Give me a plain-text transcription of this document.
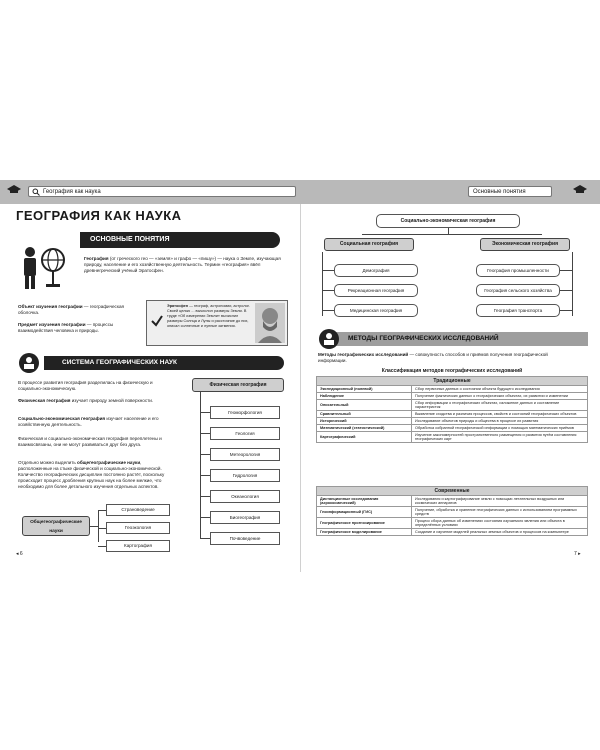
География как наука	Основные понятия
ГЕОГРАФИЯ КАК НАУКА
ОСНОВНЫЕ ПОНЯТИЯ
География (от греческого гео — «земля» и графо — «пишу») — наука о Земле, изучающая природу, население и его хозяйственную деятельность. Термин «география» ввёл древнегреческий учёный Эратосфен.
Объект изучения географии — географическая оболочка.
Предмет изучения географии — процессы взаимодействия человека и природы.
Эратосфен — географ, астрономии, астролог. Своей целью ... вычислил размеры Земли. В труде «Об измерении Земли» вычислил размеры Солнца и Луны и расстояние до них, описал солнечные и лунные затмения.
СИСТЕМА ГЕОГРАФИЧЕСКИХ НАУК
В процессе развития география разделилась на физическую и социально-экономическую.
Физическая география изучает природу земной поверхности.
Социально-экономическая география изучает население и его хозяйственную деятельность.
Физическая и социально-экономическая география переплетены и взаимосвязаны, они не могут развиваться друг без друга.
Отдельно можно выделить общегеографические науки, расположенные на стыке физической и социально-экономической. Количество географических дисциплин постоянно растёт, поскольку происходит процесс дробления крупных наук на более мелкие, что необходимо для более детального изучения отдельных аспектов.
Физическая география
Геоморфология
Геология
Метеорология
Гидрология
Океанология
Биогеография
Почвоведение
Общегеографические науки
Страноведение
Геоэкология
Картография
◂ 6
Социально-экономическая география
Социальная география	Экономическая география
Демография
Рекреационная география
Медицинская география
География промышленности
География сельского хозяйства
География транспорта
МЕТОДЫ ГЕОГРАФИЧЕСКИХ ИССЛЕДОВАНИЙ
Методы географических исследований — совокупность способов и приёмов получения географической информации.
Классификация методов географических исследований
Традиционные	
Экспедиционный (полевой)	Сбор первичных данных о состоянии объекта будущего исследования
Наблюдение	Получение фактических данных о географических объектах, их развитии и изменении
Описательный	Сбор информации о географических объектах, изложение данных и составление характеристик
Сравнительный	Выявление сходства и различия процессов, свойств и состояний географических объектов
Исторический	Исследование объектов природы и общества в процессе их развития
Математический (статистический)	Обработка собранной географической информации с помощью математических приёмов
Картографический	Изучение закономерностей пространственного размещения и развития путём составления географических карт
Современные	
Дистанционные исследования (аэрокосмический)	Исследования и картографирование земли с помощью летательных воздушных или космических аппаратов
Геоинформационный (ГИС)	Получение, обработка и хранение географических данных с использованием программных средств
Географическое прогнозирование	Процесс сбора данных об изменениях состояния изучаемого явления или объекта в определённых условиях
Географическое моделирование	Создание и изучение моделей реальных земных объектов и процессов на компьютере
7 ▸
